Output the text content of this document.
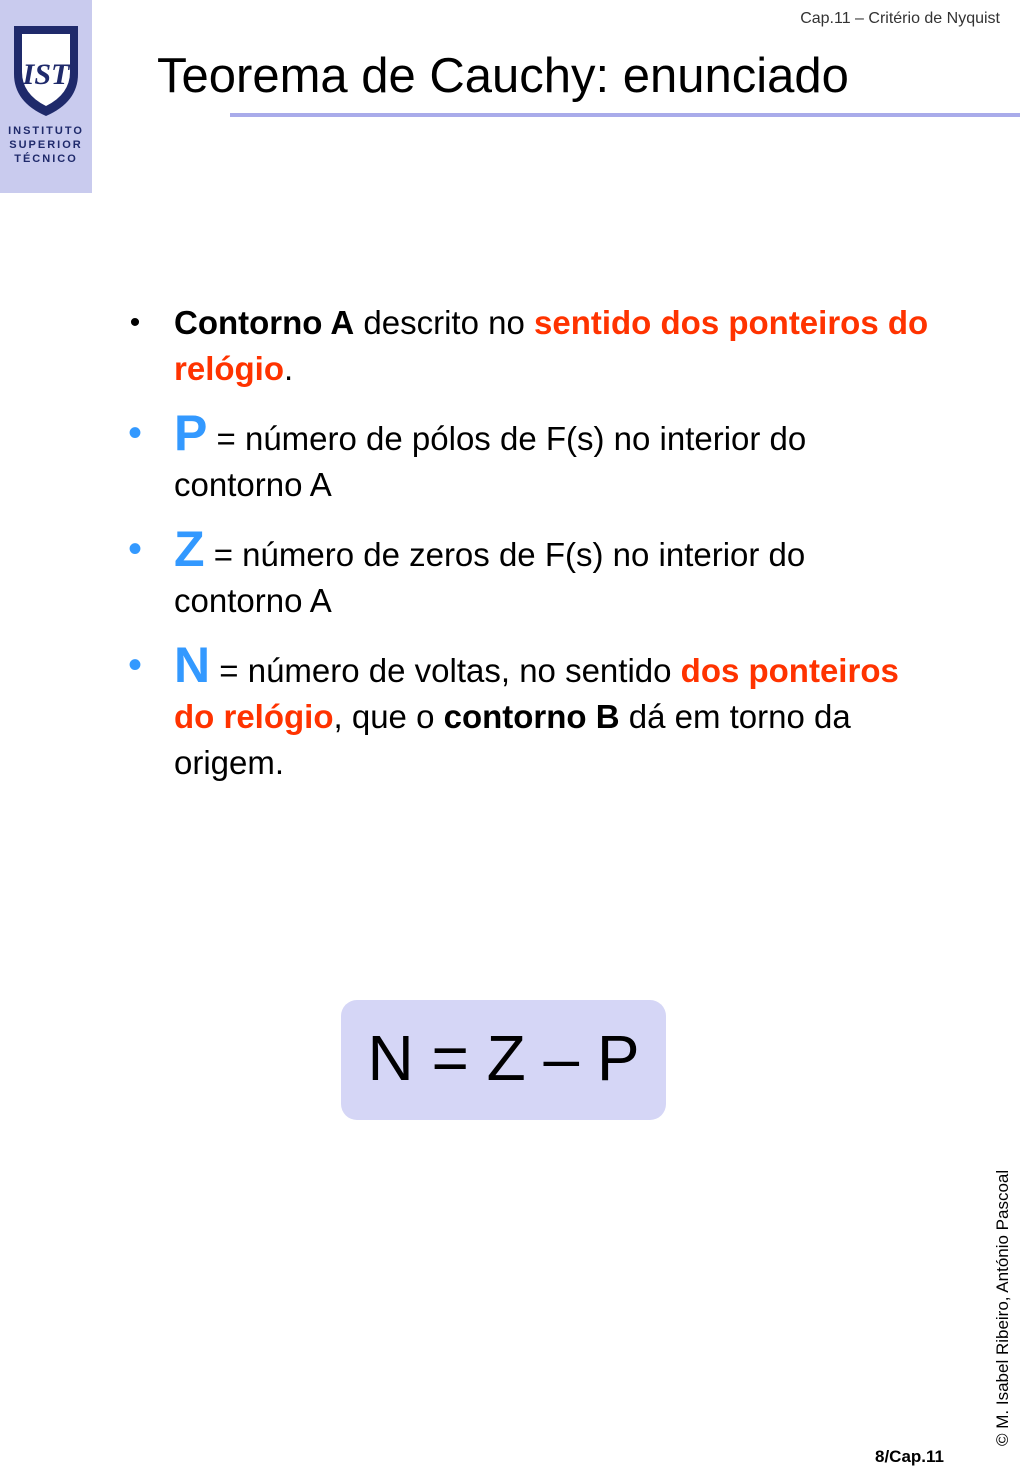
IST
INSTITUTO
SUPERIOR
TÉCNICO
Cap.11 – Critério de Nyquist
Teorema de Cauchy: enunciado
• Contorno A descrito no sentido dos ponteiros do relógio.
• P = número de pólos de F(s) no interior do contorno A
• Z = número de zeros de F(s) no interior do contorno A
• N = número de voltas, no sentido dos ponteiros do relógio, que o contorno B dá em torno da origem.
N = Z – P
© M. Isabel Ribeiro, António Pascoal
8/Cap.11
